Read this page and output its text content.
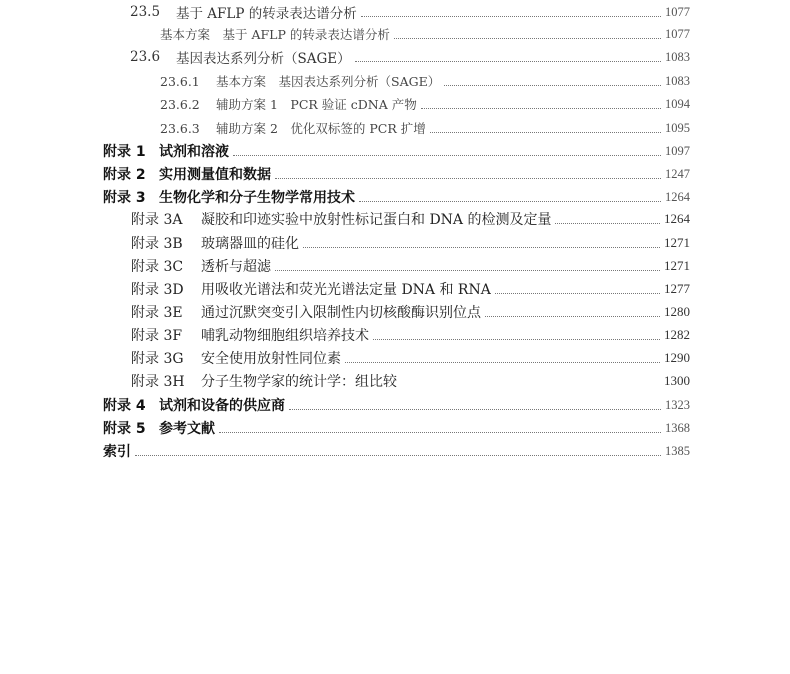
23.5	基于 AFLP 的转录表达谱分析	1077
基本方案　基于 AFLP 的转录表达谱分析	1077
23.6	基因表达系列分析（SAGE）	1083
23.6.1	基本方案　基因表达系列分析（SAGE）	1083
23.6.2	辅助方案 1　PCR 验证 cDNA 产物	1094
23.6.3	辅助方案 2　优化双标签的 PCR 扩增	1095
附录 1 试剂和溶液	1097
附录 2 实用测量值和数据	1247
附录 3 生物化学和分子生物学常用技术	1264
附录 3A	凝胶和印迹实验中放射性标记蛋白和 DNA 的检测及定量	1264
附录 3B	玻璃器皿的硅化	1271
附录 3C	透析与超滤	1271
附录 3D	用吸收光谱法和荧光光谱法定量 DNA 和 RNA	1277
附录 3E	通过沉默突变引入限制性内切核酸酶识别位点	1280
附录 3F	哺乳动物细胞组织培养技术	1282
附录 3G	安全使用放射性同位素	1290
附录 3H	分子生物学家的统计学：组比较	1300
附录 4 试剂和设备的供应商	1323
附录 5 参考文献	1368
索引	1385
